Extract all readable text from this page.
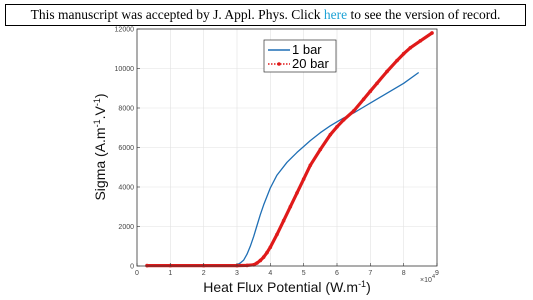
This manuscript was accepted by J. Appl. Phys. Click here to see the version of record.
0	1	2	3	4	5	6	7	8	9
0
2000
4000
6000
8000
10000
12000
×10 4
Heat Flux Potential $(W.m^{-1})$
Sigma $(A.m^{-1}.V^{-1})$
1 bar
20 bar
